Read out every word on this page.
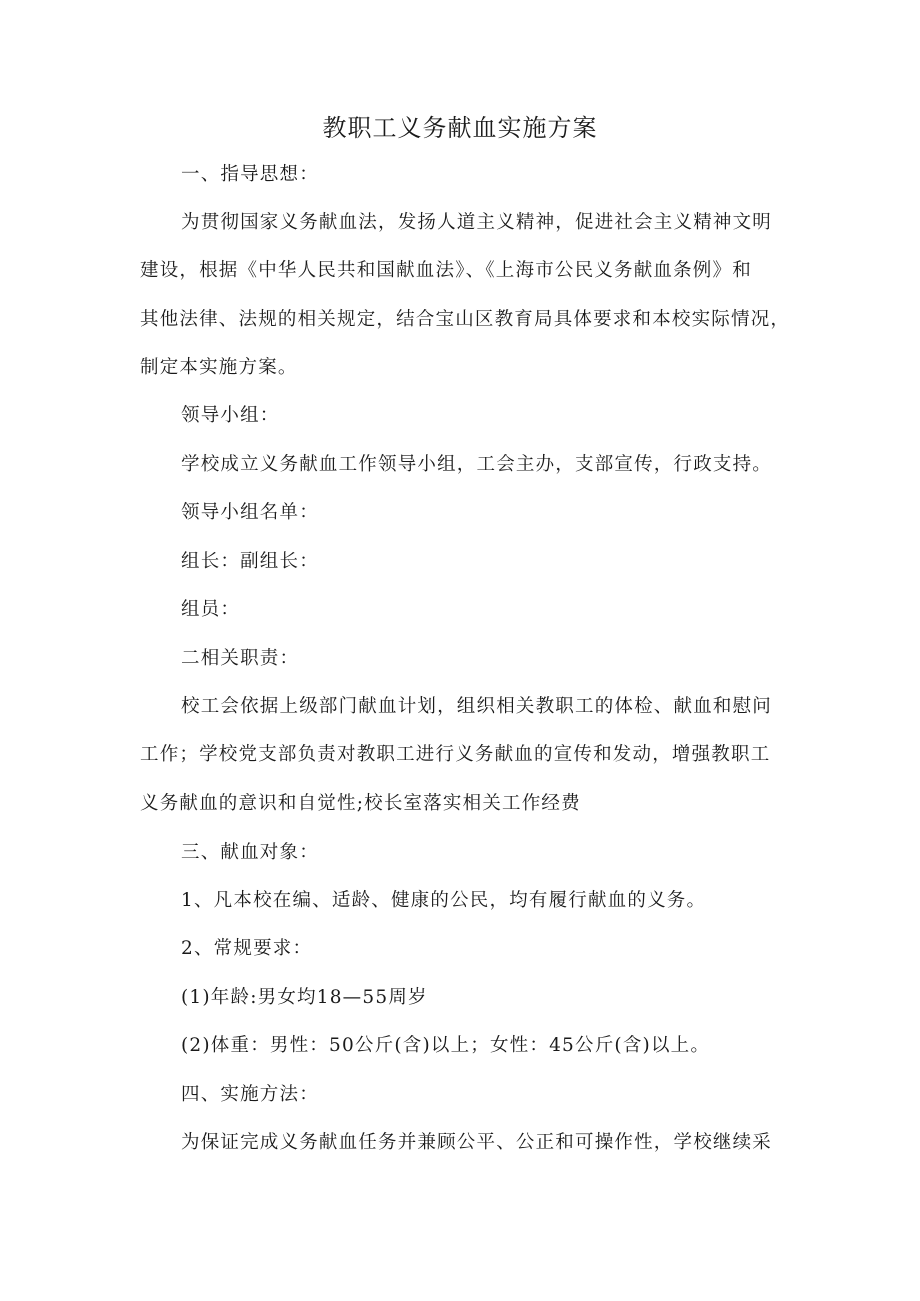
教职工义务献血实施方案
一、指导思想：
为贯彻国家义务献血法，发扬人道主义精神，促进社会主义精神文明
建设，根据《中华人民共和国献血法》、《上海市公民义务献血条例》和
其他法律、法规的相关规定，结合宝山区教育局具体要求和本校实际情况，
制定本实施方案。
领导小组：
学校成立义务献血工作领导小组，工会主办，支部宣传，行政支持。
领导小组名单：
组长：副组长：
组员：
二相关职责：
校工会依据上级部门献血计划，组织相关教职工的体检、献血和慰问
工作；学校党支部负责对教职工进行义务献血的宣传和发动，增强教职工
义务献血的意识和自觉性;校长室落实相关工作经费
三、献血对象：
1、凡本校在编、适龄、健康的公民，均有履行献血的义务。
2、常规要求：
(1)年龄:男女均18—55周岁
(2)体重：男性：50公斤(含)以上；女性：45公斤(含)以上。
四、实施方法：
为保证完成义务献血任务并兼顾公平、公正和可操作性，学校继续采
